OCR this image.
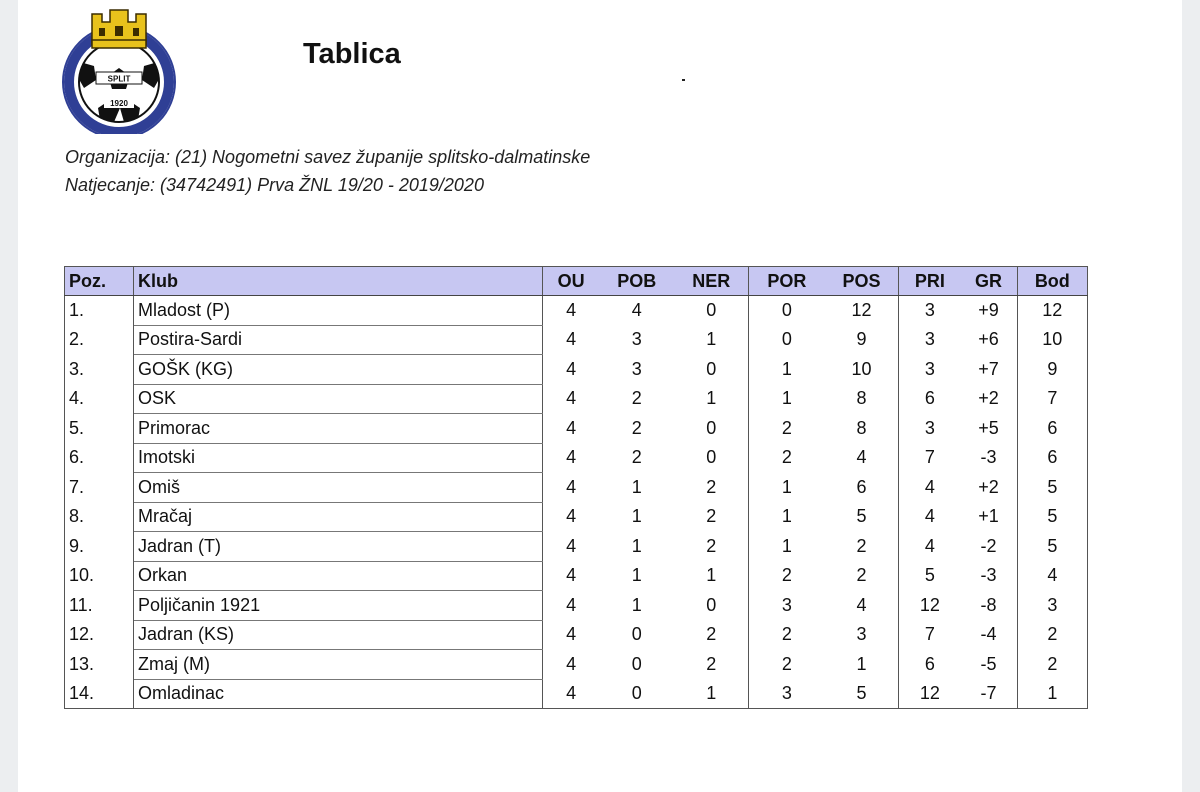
SPLIT
1920
Tablica
Organizacija: (21) Nogometni savez županije splitsko-dalmatinske
Natjecanje: (34742491) Prva ŽNL 19/20 - 2019/2020
Poz.	Klub	OU	POB	NER	POR	POS	PRI	GR	Bod
1.	Mladost (P)	4	4	0	0	12	3	+9	12
2.	Postira-Sardi	4	3	1	0	9	3	+6	10
3.	GOŠK (KG)	4	3	0	1	10	3	+7	9
4.	OSK	4	2	1	1	8	6	+2	7
5.	Primorac	4	2	0	2	8	3	+5	6
6.	Imotski	4	2	0	2	4	7	-3	6
7.	Omiš	4	1	2	1	6	4	+2	5
8.	Mračaj	4	1	2	1	5	4	+1	5
9.	Jadran (T)	4	1	2	1	2	4	-2	5
10.	Orkan	4	1	1	2	2	5	-3	4
11.	Poljičanin 1921	4	1	0	3	4	12	-8	3
12.	Jadran (KS)	4	0	2	2	3	7	-4	2
13.	Zmaj (M)	4	0	2	2	1	6	-5	2
14.	Omladinac	4	0	1	3	5	12	-7	1
